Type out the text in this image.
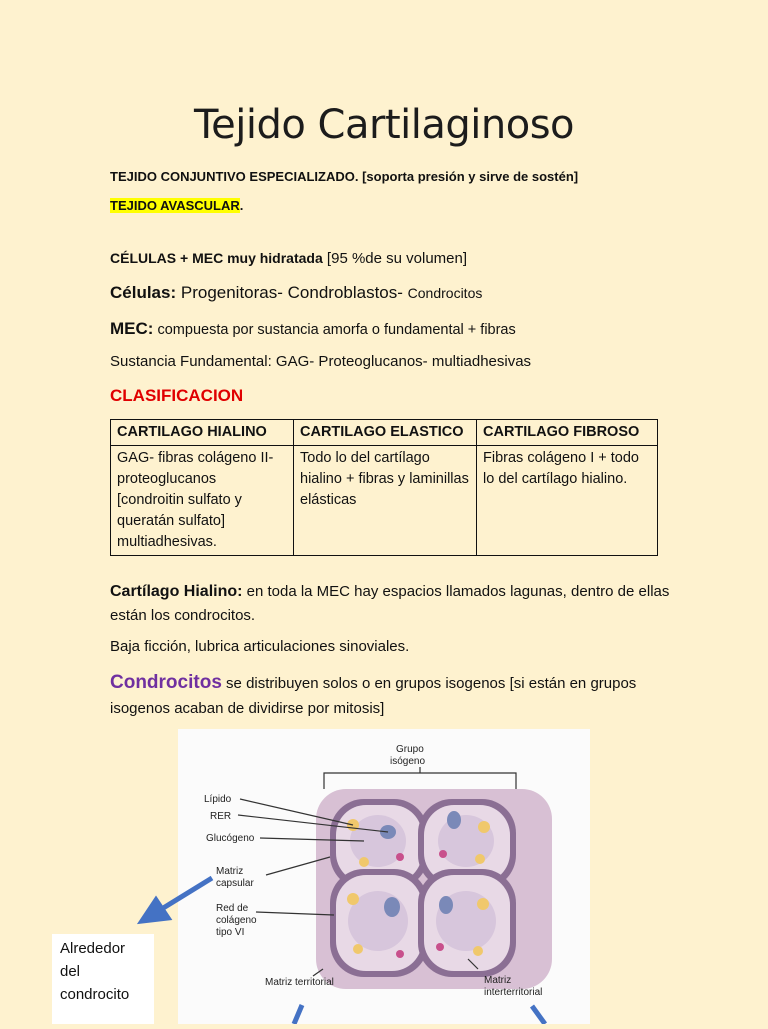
Tejido Cartilaginoso
TEJIDO CONJUNTIVO ESPECIALIZADO. [soporta presión y sirve de sostén]
TEJIDO AVASCULAR.
CÉLULAS + MEC muy hidratada [95 %de su volumen]
Células: Progenitoras- Condroblastos- Condrocitos
MEC: compuesta por sustancia amorfa o fundamental + fibras
Sustancia Fundamental: GAG- Proteoglucanos- multiadhesivas
CLASIFICACION
CARTILAGO HIALINO	CARTILAGO ELASTICO	CARTILAGO FIBROSO
GAG- fibras colágeno II- proteoglucanos [condroitin sulfato y queratán sulfato] multiadhesivas.	Todo lo del cartílago hialino + fibras y laminillas elásticas	Fibras colágeno I + todo lo del cartílago hialino.
Cartílago Hialino: en toda la MEC hay espacios llamados lagunas, dentro de ellas están los condrocitos.
Baja ficción, lubrica articulaciones sinoviales.
Condrocitos se distribuyen solos o en grupos isogenos [si están en grupos isogenos acaban de dividirse por mitosis]
Grupo
isógeno
Lípido
RER
Glucógeno
Matriz
capsular
Red de
colágeno
tipo VI
Matriz territorial	Matriz
interterritorial
Alrededor
del
condrocito
